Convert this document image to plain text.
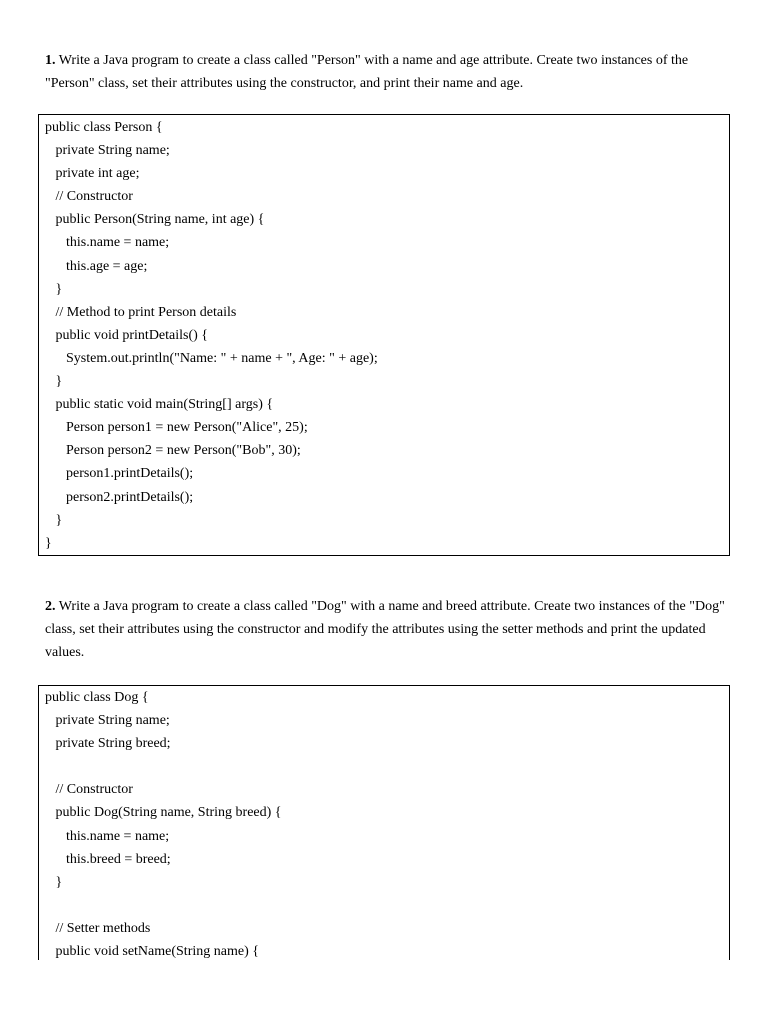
1. Write a Java program to create a class called "Person" with a name and age attribute. Create two instances of the "Person" class, set their attributes using the constructor, and print their name and age.
public class Person {
private String name;
private int age;
// Constructor
public Person(String name, int age) {
this.name = name;
this.age = age;
}
// Method to print Person details
public void printDetails() {
System.out.println("Name: " + name + ", Age: " + age);
}
public static void main(String[] args) {
Person person1 = new Person("Alice", 25);
Person person2 = new Person("Bob", 30);
person1.printDetails();
person2.printDetails();
}
}
2. Write a Java program to create a class called "Dog" with a name and breed attribute. Create two instances of the "Dog" class, set their attributes using the constructor and modify the attributes using the setter methods and print the updated values.
public class Dog {
private String name;
private String breed;
// Constructor
public Dog(String name, String breed) {
this.name = name;
this.breed = breed;
}
// Setter methods
public void setName(String name) {
